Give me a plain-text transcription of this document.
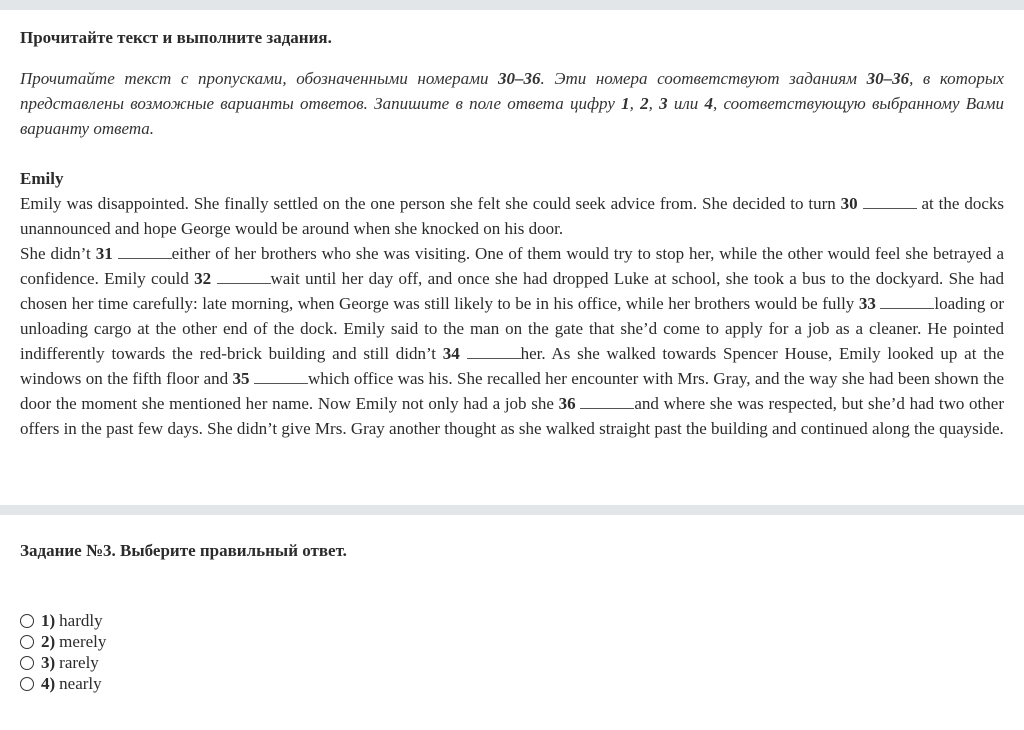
Прочитайте текст и выполните задания.
Прочитайте текст с пропусками, обозначенными номерами 30–36. Эти номера соответствуют заданиям 30–36, в которых представлены возможные варианты ответов. Запишите в поле ответа цифру 1, 2, 3 или 4, соответствующую выбранному Вами варианту ответа.
Emily

Emily was disappointed. She finally settled on the one person she felt she could seek advice from. She decided to turn 30	at the docks unannounced and hope George would be around when she knocked on his door.

She didn’t 31	either of her brothers who she was visiting. One of them would try to stop her, while the other would feel she betrayed a confidence. Emily could 32	wait until her day off, and once she had dropped Luke at school, she took a bus to the dockyard. She had chosen her time carefully: late morning, when George was still likely to be in his office, while her brothers would be fully 33	loading or unloading cargo at the other end of the dock. Emily said to the man on the gate that she’d come to apply for a job as a cleaner. He pointed indifferently towards the red-brick building and still didn’t 34	her. As she walked towards Spencer House, Emily looked up at the windows on the fifth floor and 35	which office was his. She recalled her encounter with Mrs. Gray, and the way she had been shown the door the moment she mentioned her name. Now Emily not only had a job she 36	and where she was respected, but she’d had two other offers in the past few days. She didn’t give Mrs. Gray another thought as she walked straight past the building and continued along the quayside.

Задание №3. Выберите правильный ответ.
1) hardly
2) merely
3) rarely
4) nearly
